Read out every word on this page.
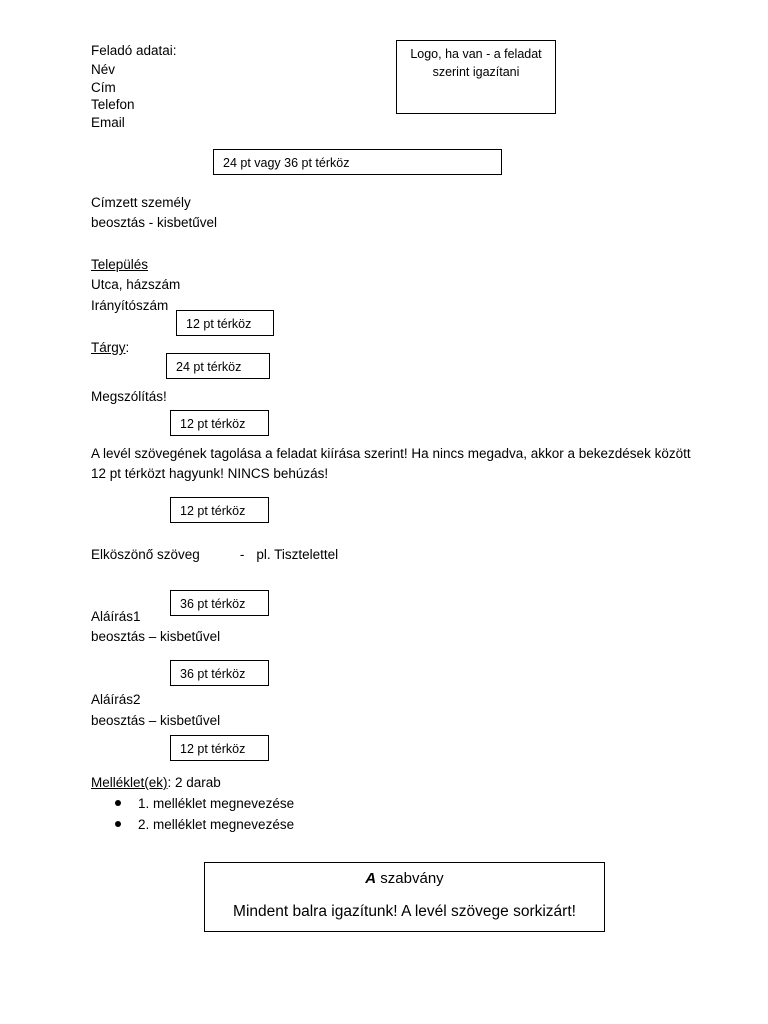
Feladó adatai:
Név
Cím
Telefon
Email
Logo, ha van - a feladat szerint igazítani
24 pt vagy 36 pt térköz
Címzett személy
beosztás - kisbetűvel
Település
Utca, házszám
Irányítószám
12 pt térköz
Tárgy:
24 pt térköz
Megszólítás!
12 pt térköz
A levél szövegének tagolása a feladat kiírása szerint! Ha nincs megadva, akkor a bekezdések között 12 pt térközt hagyunk! NINCS behúzás!
12 pt térköz
Elköszönő szöveg	- pl. Tisztelettel
36 pt térköz
Aláírás1
beosztás – kisbetűvel
36 pt térköz
Aláírás2
beosztás – kisbetűvel
12 pt térköz
Melléklet(ek): 2 darab
1. melléklet megnevezése
2. melléklet megnevezése
A szabvány
Mindent balra igazítunk! A levél szövege sorkizárt!
